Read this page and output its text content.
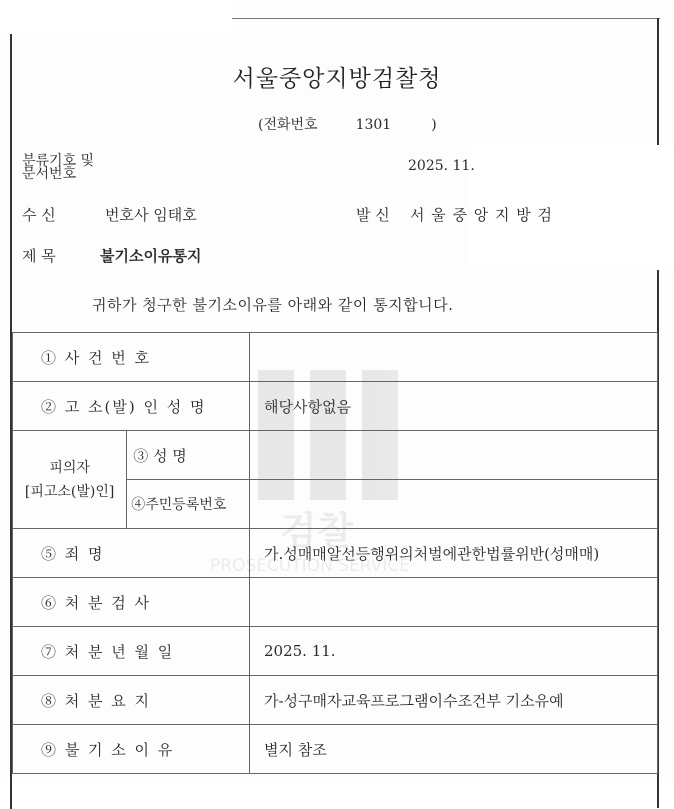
서울중앙지방검찰청
(전화번호	1301	)
분류기호 및
문서번호	2025. 11.
수 신	번호사 임태호	발 신 서 울 중 앙 지 방 검
제 목	불기소이유통지
귀하가 청구한 불기소이유를 아래와 같이 통지합니다.
검찰
PROSECUTION SERVICE
① 사 건 번 호		
② 고 소(발) 인 성 명		해당사항없음

피의자
[피고소(발)인]	③ 성 명	
	④주민등록번호	
⑤ 죄 명		가.성매매알선등행위의처벌에관한법률위반(성매매)
⑥ 처 분 검 사		
⑦ 처 분 년 월 일		2025. 11.
⑧ 처 분 요 지		가-성구매자교육프로그램이수조건부 기소유예
⑨ 불 기 소 이 유		별지 참조
